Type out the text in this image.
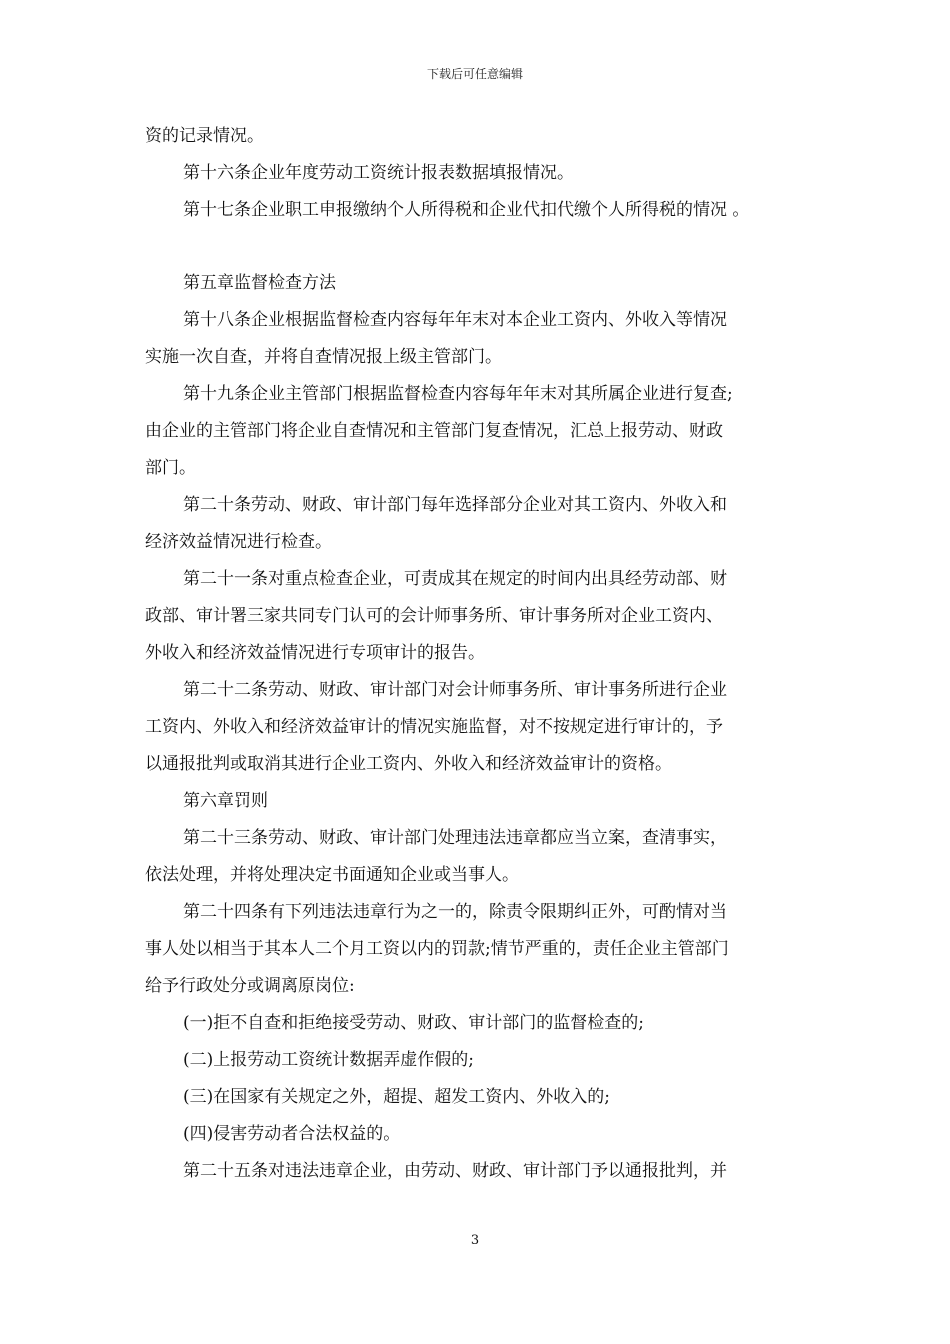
下载后可任意编辑

资的记录情况。

第十六条企业年度劳动工资统计报表数据填报情况。

第十七条企业职工申报缴纳个人所得税和企业代扣代缴个人所得税的情况 。

第五章监督检查方法

第十八条企业根据监督检查内容每年年末对本企业工资内、外收入等情况

实施一次自查，并将自查情况报上级主管部门。

第十九条企业主管部门根据监督检查内容每年年末对其所属企业进行复查;

由企业的主管部门将企业自查情况和主管部门复查情况，汇总上报劳动、财政

部门。

第二十条劳动、财政、审计部门每年选择部分企业对其工资内、外收入和

经济效益情况进行检查。

第二十一条对重点检查企业，可责成其在规定的时间内出具经劳动部、财

政部、审计署三家共同专门认可的会计师事务所、审计事务所对企业工资内、

外收入和经济效益情况进行专项审计的报告。

第二十二条劳动、财政、审计部门对会计师事务所、审计事务所进行企业

工资内、外收入和经济效益审计的情况实施监督，对不按规定进行审计的，予

以通报批判或取消其进行企业工资内、外收入和经济效益审计的资格。

第六章罚则

第二十三条劳动、财政、审计部门处理违法违章都应当立案，查清事实，

依法处理，并将处理决定书面通知企业或当事人。

第二十四条有下列违法违章行为之一的，除责令限期纠正外，可酌情对当

事人处以相当于其本人二个月工资以内的罚款;情节严重的，责任企业主管部门

给予行政处分或调离原岗位:

(一)拒不自查和拒绝接受劳动、财政、审计部门的监督检查的;

(二)上报劳动工资统计数据弄虚作假的;

(三)在国家有关规定之外，超提、超发工资内、外收入的;

(四)侵害劳动者合法权益的。

第二十五条对违法违章企业，由劳动、财政、审计部门予以通报批判，并

3
